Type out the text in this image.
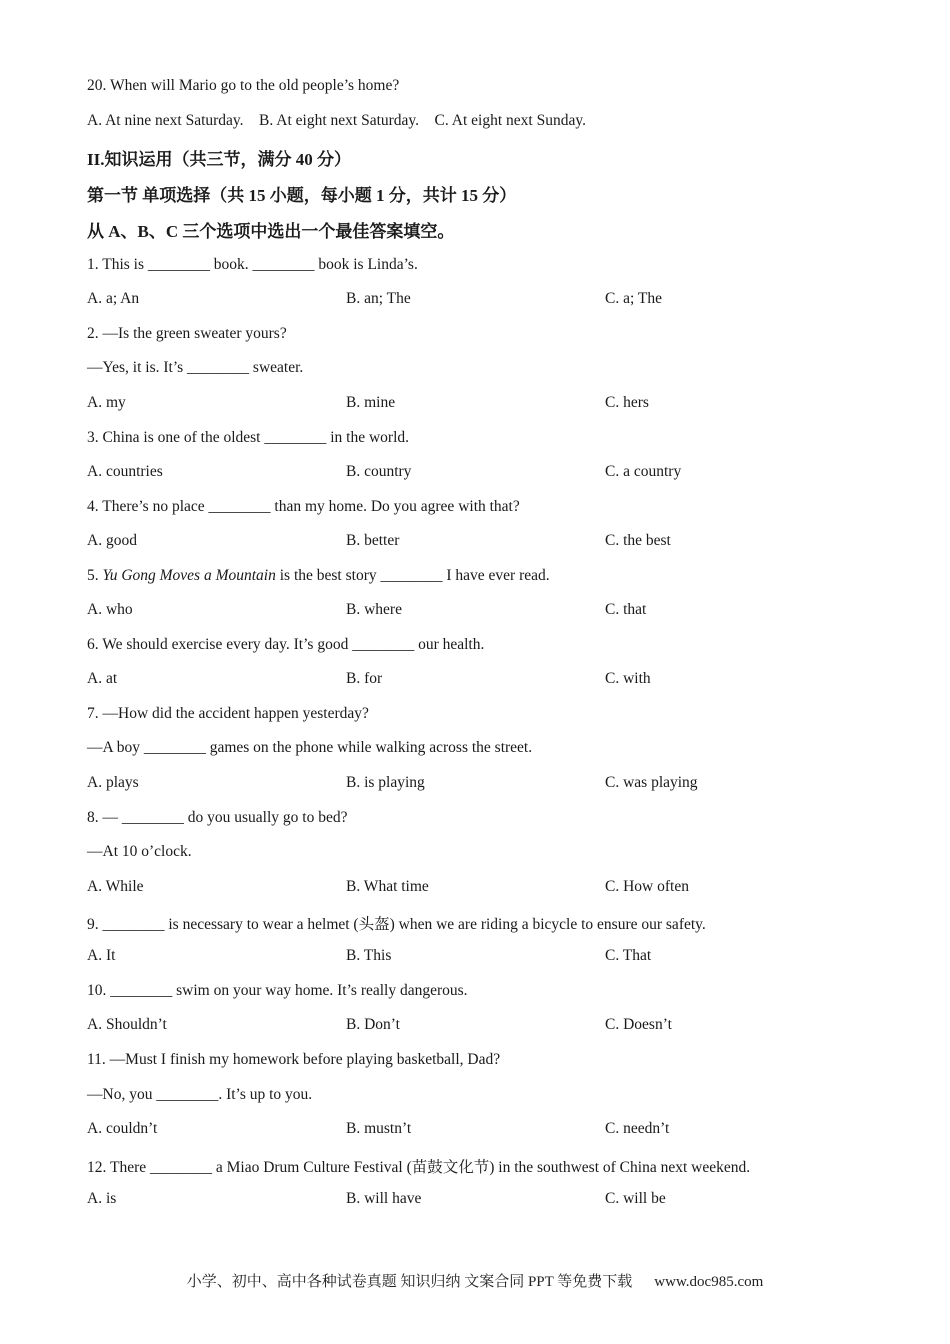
20. When will Mario go to the old people’s home?
A. At nine next Saturday.    B. At eight next Saturday.    C. At eight next Sunday.
II.知识运用（共三节，满分 40 分）
第一节 单项选择（共 15 小题，每小题 1 分，共计 15 分）
从 A、B、C 三个选项中选出一个最佳答案填空。
1. This is ________ book. ________ book is Linda’s.
A. a; An	B. an; The	C. a; The
2. —Is the green sweater yours?
—Yes, it is. It’s ________ sweater.
A. my	B. mine	C. hers
3. China is one of the oldest ________ in the world.
A. countries	B. country	C. a country
4. There’s no place ________ than my home. Do you agree with that?
A. good	B. better	C. the best
5. Yu Gong Moves a Mountain is the best story ________ I have ever read.
A. who	B. where	C. that
6. We should exercise every day. It’s good ________ our health.
A. at	B. for	C. with
7. —How did the accident happen yesterday?
—A boy ________ games on the phone while walking across the street.
A. plays	B. is playing	C. was playing
8. — ________ do you usually go to bed?
—At 10 o’clock.
A. While	B. What time	C. How often
9. ________ is necessary to wear a helmet (头盔) when we are riding a bicycle to ensure our safety.
A. It	B. This	C. That
10. ________ swim on your way home. It’s really dangerous.
A. Shouldn’t	B. Don’t	C. Doesn’t
11. —Must I finish my homework before playing basketball, Dad?
—No, you ________. It’s up to you.
A. couldn’t	B. mustn’t	C. needn’t
12. There ________ a Miao Drum Culture Festival (苗鼓文化节) in the southwest of China next weekend.
A. is	B. will have	C. will be
小学、初中、高中各种试卷真题 知识归纳 文案合同 PPT 等免费下载 www.doc985.com
